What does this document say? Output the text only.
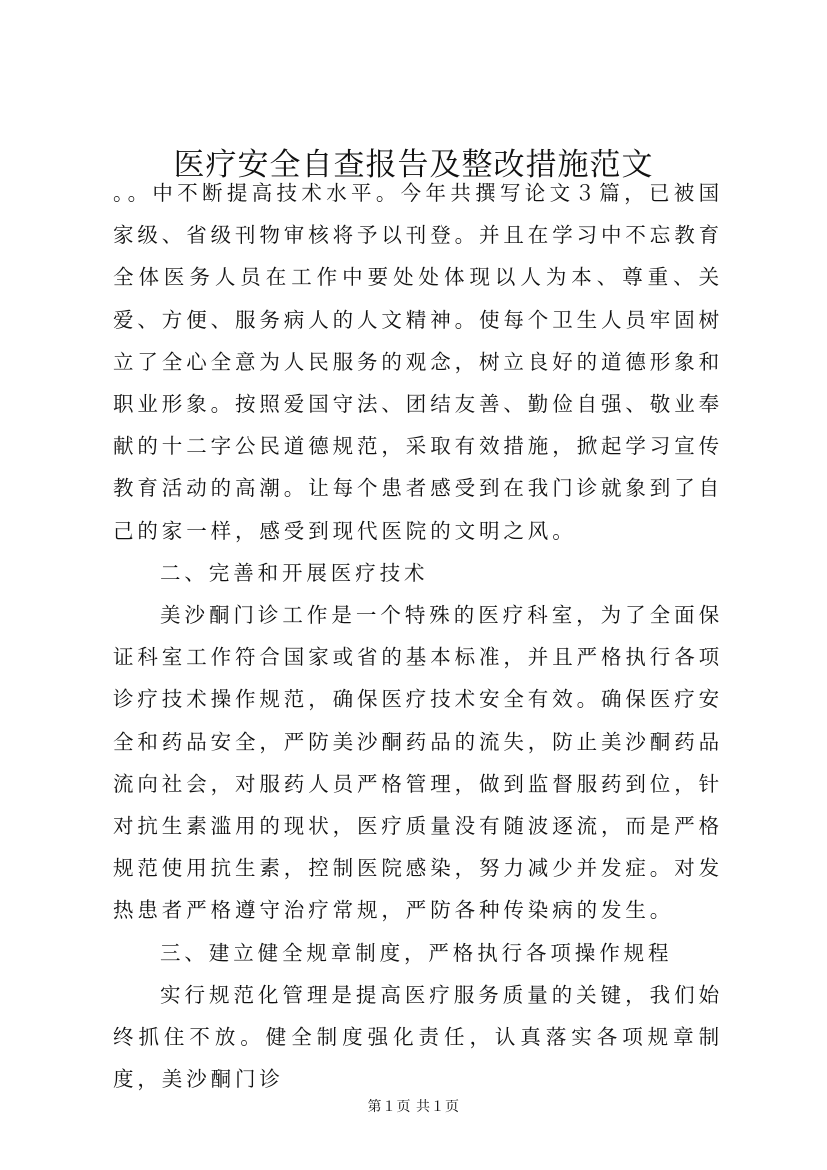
医疗安全自查报告及整改措施范文

。。中不断提高技术水平。今年共撰写论文３篇，已被国家级、省级刊物审核将予以刊登。并且在学习中不忘教育全体医务人员在工作中要处处体现以人为本、尊重、关爱、方便、服务病人的人文精神。使每个卫生人员牢固树立了全心全意为人民服务的观念，树立良好的道德形象和职业形象。按照爱国守法、团结友善、勤俭自强、敬业奉献的十二字公民道德规范，采取有效措施，掀起学习宣传教育活动的高潮。让每个患者感受到在我门诊就象到了自己的家一样，感受到现代医院的文明之风。

二、完善和开展医疗技术

美沙酮门诊工作是一个特殊的医疗科室，为了全面保证科室工作符合国家或省的基本标准，并且严格执行各项诊疗技术操作规范，确保医疗技术安全有效。确保医疗安全和药品安全，严防美沙酮药品的流失，防止美沙酮药品流向社会，对服药人员严格管理，做到监督服药到位，针对抗生素滥用的现状，医疗质量没有随波逐流，而是严格规范使用抗生素，控制医院感染，努力减少并发症。对发热患者严格遵守治疗常规，严防各种传染病的发生。

三、建立健全规章制度，严格执行各项操作规程

实行规范化管理是提高医疗服务质量的关键，我们始终抓住不放。健全制度强化责任，认真落实各项规章制度，美沙酮门诊

第１页 共１页
